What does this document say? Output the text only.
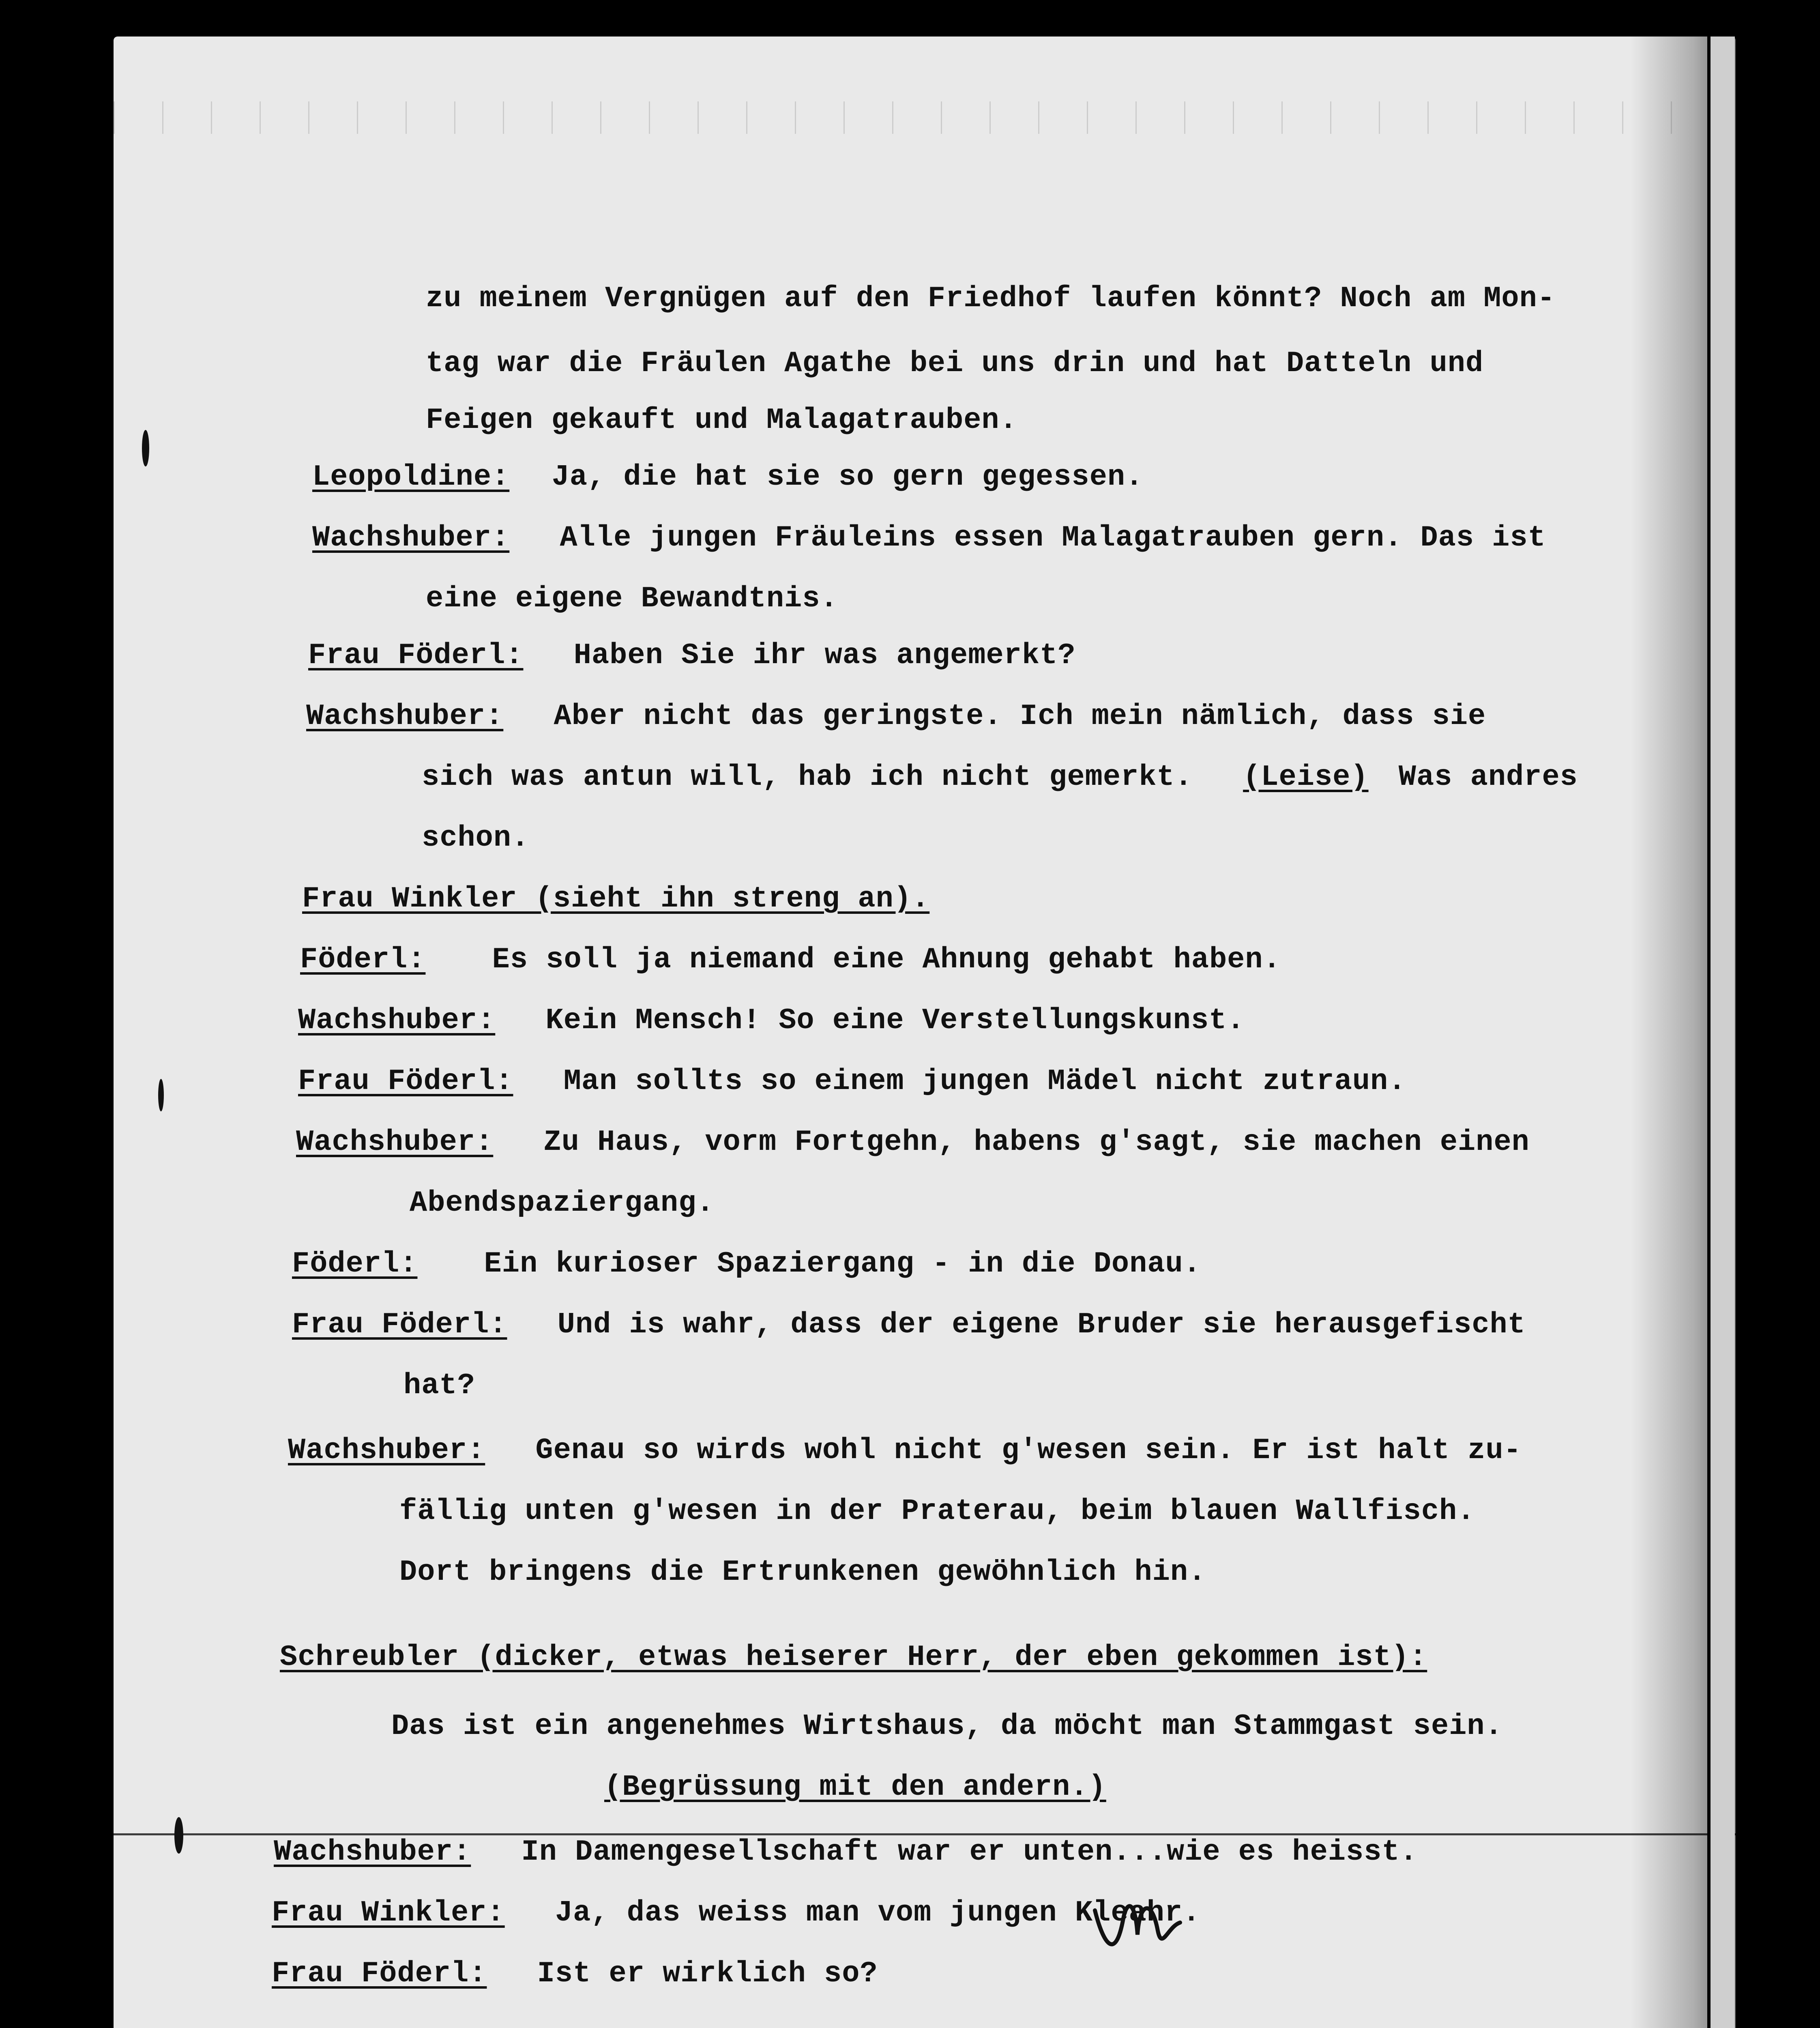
zu meinem Vergnügen auf den Friedhof laufen könnt? Noch am Mon-
tag war die Fräulen Agathe bei uns drin und hat Datteln und
Feigen gekauft und Malagatrauben.
Leopoldine: Ja, die hat sie so gern gegessen.
Wachshuber: Alle jungen Fräuleins essen Malagatrauben gern. Das ist
eine eigene Bewandtnis.
Frau Föderl: Haben Sie ihr was angemerkt?
Wachshuber: Aber nicht das geringste. Ich mein nämlich, dass sie
sich was antun will, hab ich nicht gemerkt. (Leise) Was andres
schon.
Frau Winkler (sieht ihn streng an).
Föderl: Es soll ja niemand eine Ahnung gehabt haben.
Wachshuber: Kein Mensch! So eine Verstellungskunst.
Frau Föderl: Man sollts so einem jungen Mädel nicht zutraun.
Wachshuber: Zu Haus, vorm Fortgehn, habens g'sagt, sie machen einen
Abendspaziergang.
Föderl: Ein kurioser Spaziergang - in die Donau.
Frau Föderl: Und is wahr, dass der eigene Bruder sie herausgefischt
hat?
Wachshuber: Genau so wirds wohl nicht g'wesen sein. Er ist halt zu-
fällig unten g'wesen in der Praterau, beim blauen Wallfisch.
Dort bringens die Ertrunkenen gewöhnlich hin.
Schreubler (dicker, etwas heiserer Herr, der eben gekommen ist):
Das ist ein angenehmes Wirtshaus, da möcht man Stammgast sein.
(Begrüssung mit den andern.)
Wachshuber: In Damengesellschaft war er unten...wie es heisst.
Frau Winkler: Ja, das weiss man vom jungen Kleahr.
Frau Föderl: Ist er wirklich so?
